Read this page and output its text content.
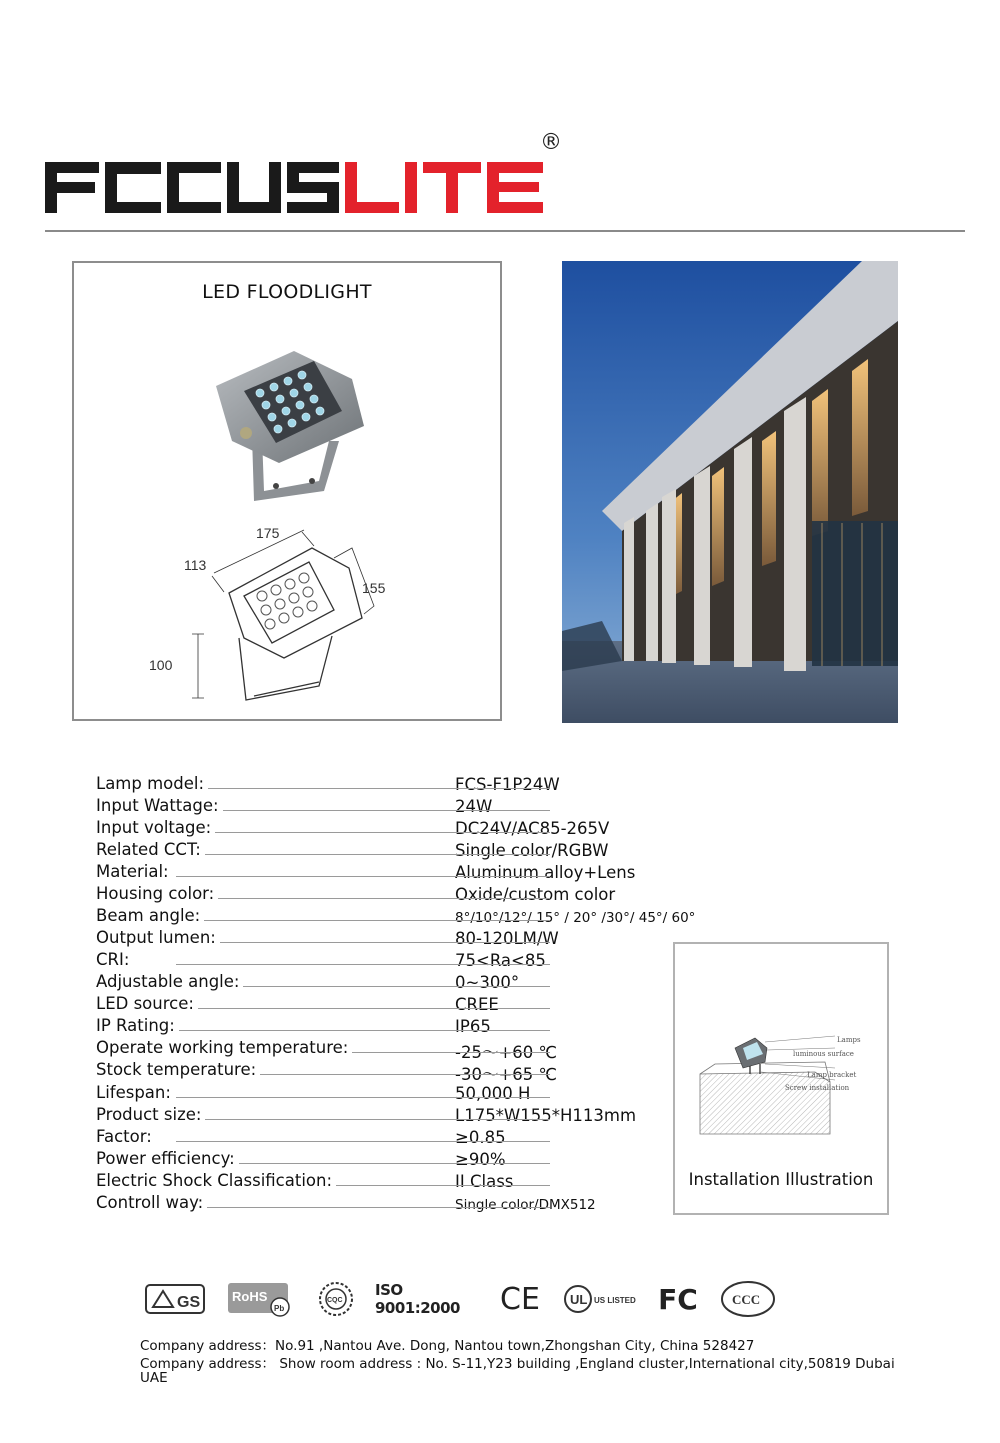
®
LED FLOODLIGHT
175
113
155
100
Lamp model:	FCS-F1P24W
Input Wattage:	24W
Input voltage:	DC24V/AC85-265V
Related CCT:	Single color/RGBW
Material:	Aluminum alloy+Lens
Housing color:	Oxide/custom color
Beam angle:	8°/10°/12°/ 15° / 20° /30°/ 45°/ 60°
Output lumen:	80-120LM/W
CRI:	75<Ra<85
Adjustable angle:	0~300°
LED source:	CREE
IP Rating:	IP65
Operate working temperature:	-25～+60 ℃
Stock temperature:	-30～+65 ℃
Lifespan:	50,000 H
Product size:	L175*W155*H113mm
Factor:	≥0.85
Power efficiency:	≥90%
Electric Shock Classification:	II Class
Controll way:	Single color/DMX512
Lamps
luminous surface
Lamp bracket
Screw installation
Installation Illustration
GS RoHS
Pb
CQC
ISO 9001:2000	CE UL US LISTED FC	CCC
Company address：No.91 ,Nantou Ave. Dong, Nantou town,Zhongshan City, China 528427
Company address： Show room address : No. S-11,Y23 building ,England cluster,International city,50819 Dubai
UAE
